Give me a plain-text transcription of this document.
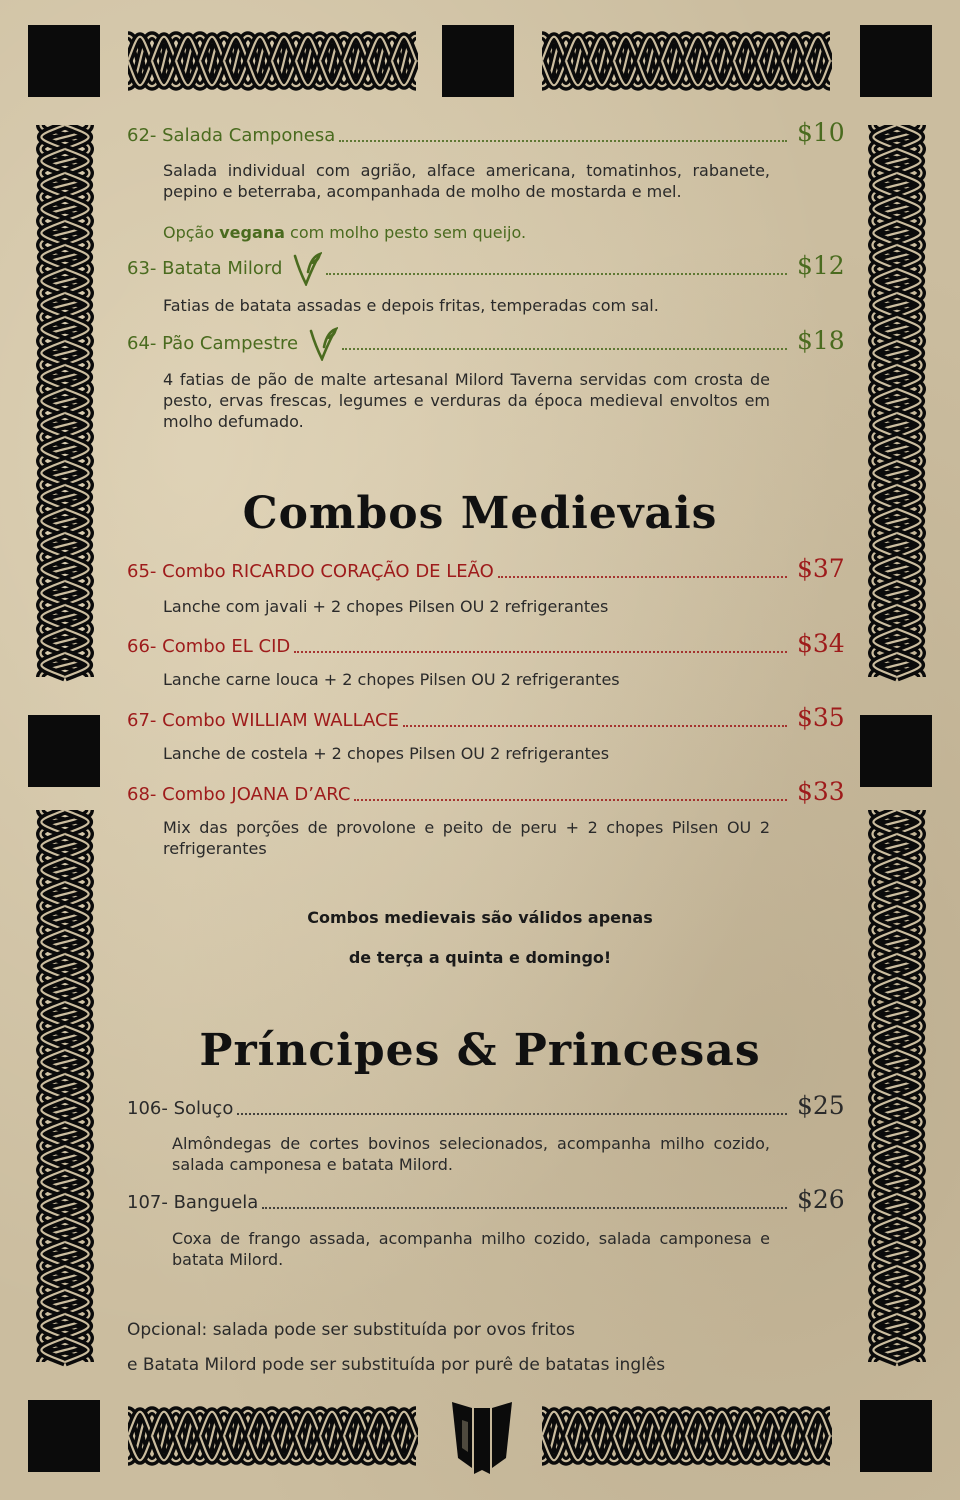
62- Salada Camponesa	$10
Salada individual com agrião, alface americana, tomatinhos, rabanete, pepino e beterraba, acompanhada de molho de mostarda e mel.
Opção vegana com molho pesto sem queijo.
63- Batata Milord	$12
Fatias de batata assadas e depois fritas, temperadas com sal.
64- Pão Campestre	$18
4 fatias de pão de malte artesanal Milord Taverna servidas com crosta de pesto, ervas frescas, legumes e verduras da época medieval envoltos em molho defumado.
Combos Medievais
65- Combo RICARDO CORAÇÃO DE LEÃO	$37
Lanche com javali + 2 chopes Pilsen OU 2 refrigerantes
66- Combo EL CID	$34
Lanche carne louca + 2 chopes Pilsen OU 2 refrigerantes
67- Combo WILLIAM WALLACE	$35
Lanche de costela + 2 chopes Pilsen OU 2 refrigerantes
68- Combo JOANA D’ARC	$33
Mix das porções de provolone e peito de peru + 2 chopes Pilsen OU 2 refrigerantes
Combos medievais são válidos apenas
de terça a quinta e domingo!
Príncipes & Princesas
106- Soluço	$25
Almôndegas de cortes bovinos selecionados, acompanha milho cozido, salada camponesa e batata Milord.
107- Banguela	$26
Coxa de frango assada, acompanha milho cozido, salada camponesa e batata Milord.
Opcional: salada pode ser substituída por ovos fritos
e Batata Milord pode ser substituída por purê de batatas inglês
